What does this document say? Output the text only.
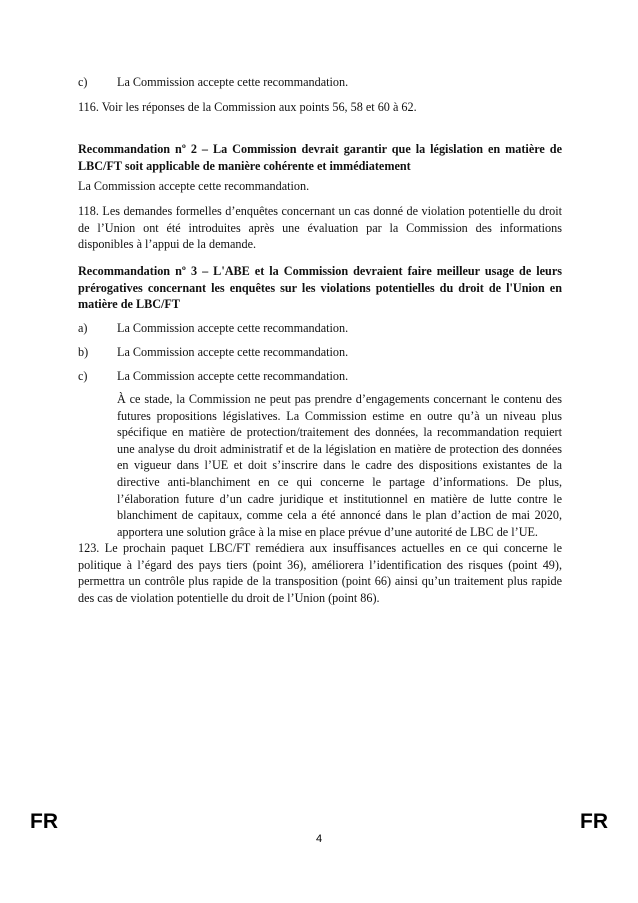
c) La Commission accepte cette recommandation.
116. Voir les réponses de la Commission aux points 56, 58 et 60 à 62.
Recommandation nº 2 – La Commission devrait garantir que la législation en matière de LBC/FT soit applicable de manière cohérente et immédiatement
La Commission accepte cette recommandation.
118. Les demandes formelles d’enquêtes concernant un cas donné de violation potentielle du droit de l’Union ont été introduites après une évaluation par la Commission des informations disponibles à l’appui de la demande.
Recommandation nº 3 – L'ABE et la Commission devraient faire meilleur usage de leurs prérogatives concernant les enquêtes sur les violations potentielles du droit de l'Union en matière de LBC/FT
a) La Commission accepte cette recommandation.
b) La Commission accepte cette recommandation.
c) La Commission accepte cette recommandation.
À ce stade, la Commission ne peut pas prendre d’engagements concernant le contenu des futures propositions législatives. La Commission estime en outre qu’à un niveau plus spécifique en matière de protection/traitement des données, la recommandation requiert une analyse du droit administratif et de la législation en matière de protection des données en vigueur dans l’UE et doit s’inscrire dans le cadre des dispositions existantes de la directive anti-blanchiment en ce qui concerne le partage d’informations. De plus, l’élaboration future d’un cadre juridique et institutionnel en matière de lutte contre le blanchiment de capitaux, comme cela a été annoncé dans le plan d’action de mai 2020, apportera une solution grâce à la mise en place prévue d’une autorité de LBC de l’UE.
123. Le prochain paquet LBC/FT remédiera aux insuffisances actuelles en ce qui concerne le politique à l’égard des pays tiers (point 36), améliorera l’identification des risques (point 49), permettra un contrôle plus rapide de la transposition (point 66) ainsi qu’un traitement plus rapide des cas de violation potentielle du droit de l’Union (point 86).
FR	FR
4
